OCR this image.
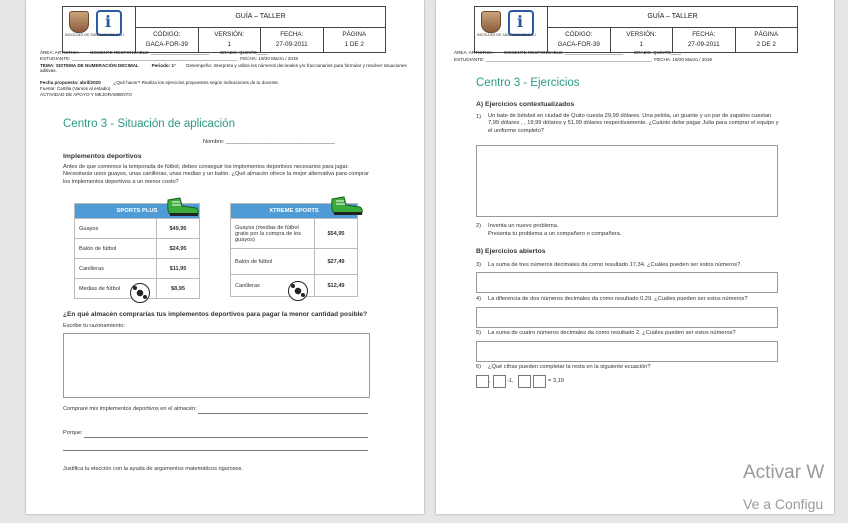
i
INCOLDES DE SANTIAGO DE CALI
GUÍA – TALLER
CÓDIGO:
GACA-FOR-39
VERSIÓN:
1
FECHA:
27-09-2011
PÁGINA
1 DE 2
ÁREA: ARTISTICA	DOCENTE RESPONSABLE: _______________________ GRADO: QUINTO____
ESTUDIANTE: _________________________________________________________________ FECHA: 19/20 Marzo / 2019
TEMA: SISTEMA DE NUMERACIÓN DECIMAL	Periodo: 1° Desempeño: Interpreta y utiliza los números decimales y/o fraccionarios para formular y resolver situaciones aditivas.
Fecha propuesta: abril/2020	¿Qué hacer? Realiza los ejercicios propuestos según indicaciones de tu docente.
Fuente: Cartilla (Vamos al estadio)
ACTIVIDAD DE APOYO Y MEJORAMIENTO
Centro 3 - Situación de aplicación
Nombre: ___________________________________
Implementos deportivos
Antes de que comience la temporada de fútbol, debes conseguir los implementos deportivos necesarios para jugar. Necesitarás unos guayos, unas canilleras, unas medias y un balón. ¿Qué almacén ofrece la mejor alternativa para comprar los implementos deportivos a un menor costo?
SPORTS PLUS	
Guayos	$49,95
Balón de fútbol	$24,95
Canilleras	$11,95
Medias de fútbol	$8,95
XTREME SPORTS	
Guayos (medias de fútbol gratis por la compra de los guayos)	$54,95
Balón de fútbol	$27,49
Canilleras	$12,49
¿En qué almacén comprarías tus implementos deportivos para pagar la menor cantidad posible?
Escribe tu razonamiento:
Compraré mis implementos deportivos en el almacén:
Porque:
Justifica tu elección con la ayuda de argumentos matemáticos rigurosos.
i
INCOLDES DE SANTIAGO DE CALI
GUÍA – TALLER
CÓDIGO:
GACA-FOR-39
VERSIÓN:
1
FECHA:
27-09-2011
PÁGINA
2 DE 2
ÁREA: ARTISTICA	DOCENTE RESPONSABLE: _______________________ GRADO: QUINTO____
ESTUDIANTE: _________________________________________________________________ FECHA: 19/20 Marzo / 2019
Centro 3 - Ejercicios
A) Ejercicios contextualizados
1) Un bate de béisbol en ciudad de Quito cuesta 29,99 dólares. Una pelota, un guante y un par de zapatos cuestan 7,99 dólares , , 19,99 dólares y 51,99 dólares respectivamente. ¿Cuánto debe pagar Julia para comprar el equipo y el uniforme completo?
2) Inventa un nuevo problema.
Presenta tu problema a un compañero o compañera.
B) Ejercicios abiertos
3) La suma de tres números decimales da como resultado 17,34. ¿Cuáles pueden ser estos números?
4) La diferencia de dos números decimales da como resultado 0,29. ¿Cuáles pueden ser estos números?
5) La suma de cuatro números decimales da como resultado 2. ¿Cuáles pueden ser estos números?
6) ¿Qué cifras pueden completar la resta en la siguiente ecuación?
,	-1,	= 3,19
Activar W
Ve a Configu
